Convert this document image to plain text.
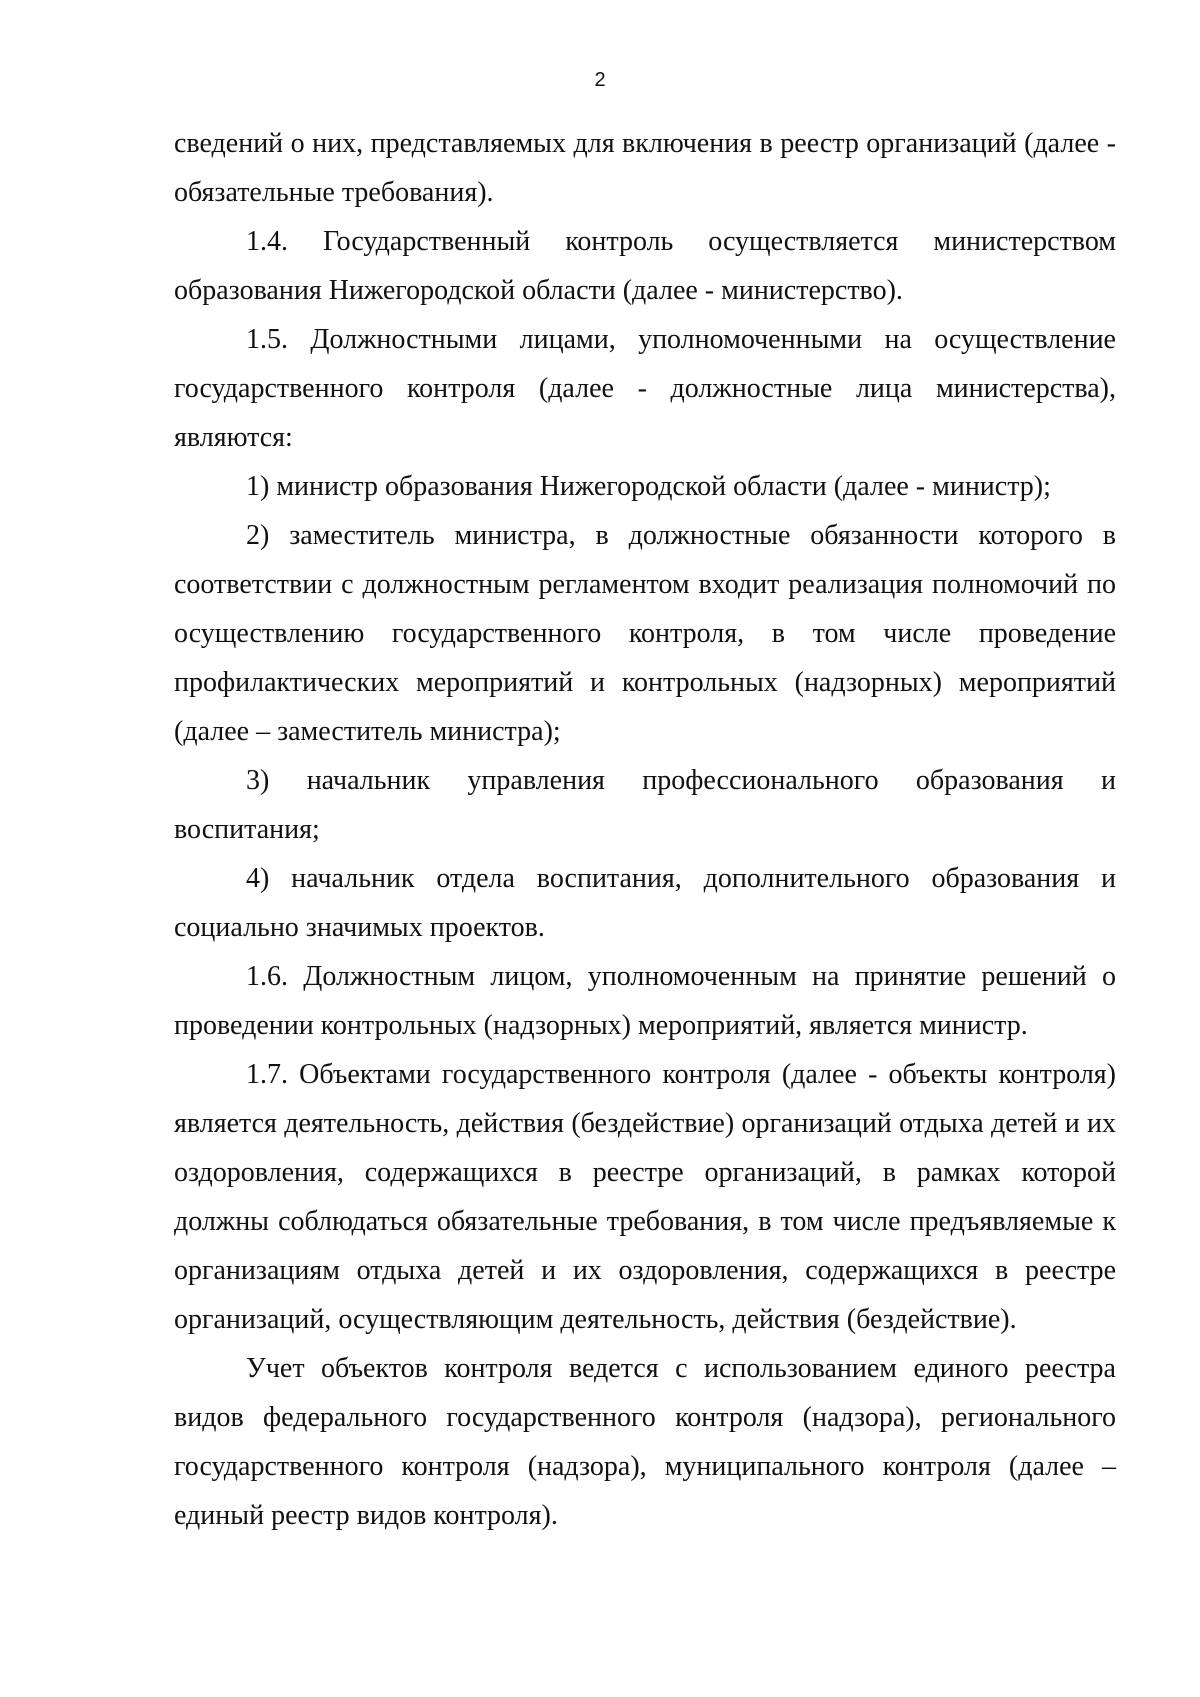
2

сведений о них, представляемых для включения в реестр организаций (далее - обязательные требования).

1.4. Государственный контроль осуществляется министерством образования Нижегородской области (далее - министерство).

1.5. Должностными лицами, уполномоченными на осуществление государственного контроля (далее - должностные лица министерства), являются:

1) министр образования Нижегородской области (далее - министр);

2) заместитель министра, в должностные обязанности которого в соответствии с должностным регламентом входит реализация полномочий по осуществлению государственного контроля, в том числе проведение профилактических мероприятий и контрольных (надзорных) мероприятий (далее – заместитель министра);

3) начальник управления профессионального образования и воспитания;

4) начальник отдела воспитания, дополнительного образования и социально значимых проектов.

1.6. Должностным лицом, уполномоченным на принятие решений о проведении контрольных (надзорных) мероприятий, является министр.

1.7. Объектами государственного контроля (далее - объекты контроля) является деятельность, действия (бездействие) организаций отдыха детей и их оздоровления, содержащихся в реестре организаций, в рамках которой должны соблюдаться обязательные требования, в том числе предъявляемые к организациям отдыха детей и их оздоровления, содержащихся в реестре организаций, осуществляющим деятельность, действия (бездействие).

Учет объектов контроля ведется с использованием единого реестра видов федерального государственного контроля (надзора), регионального государственного контроля (надзора), муниципального контроля (далее – единый реестр видов контроля).
